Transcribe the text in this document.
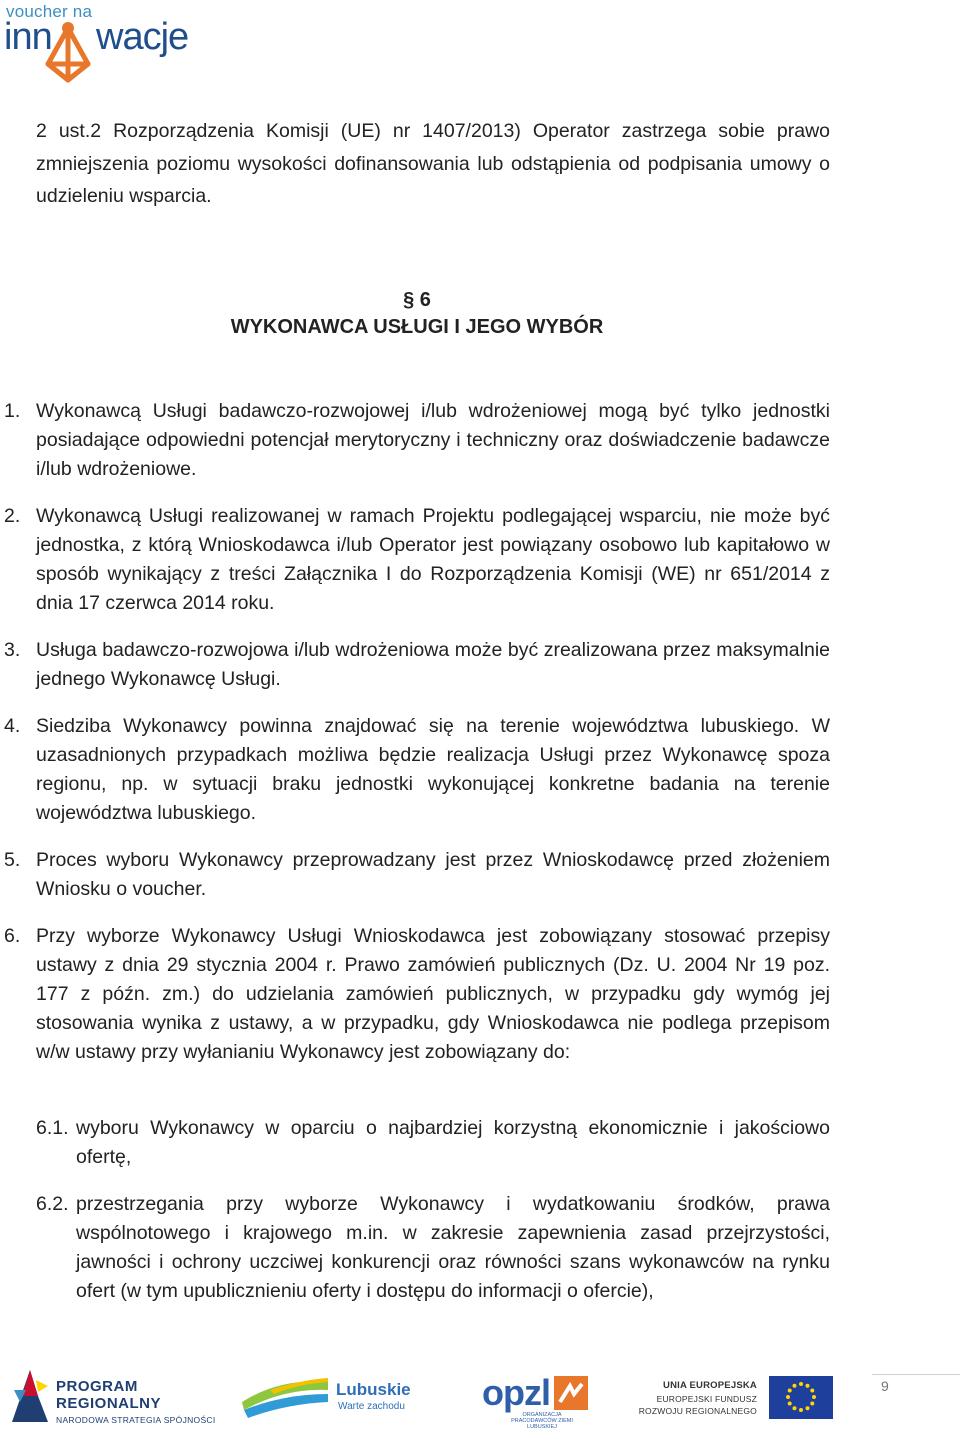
voucher na
inn wacje
2 ust.2 Rozporządzenia Komisji (UE) nr 1407/2013) Operator zastrzega sobie prawo zmniejszenia poziomu wysokości dofinansowania lub odstąpienia od podpisania umowy o udzieleniu wsparcia.
§ 6
WYKONAWCA USŁUGI I JEGO WYBÓR
1. Wykonawcą Usługi badawczo-rozwojowej i/lub wdrożeniowej mogą być tylko jednostki posiadające odpowiedni potencjał merytoryczny i techniczny oraz doświadczenie badawcze i/lub wdrożeniowe.
2. Wykonawcą Usługi realizowanej w ramach Projektu podlegającej wsparciu, nie może być jednostka, z którą Wnioskodawca i/lub Operator jest powiązany osobowo lub kapitałowo w sposób wynikający z treści Załącznika I do Rozporządzenia Komisji (WE) nr 651/2014 z dnia 17 czerwca 2014 roku.
3. Usługa badawczo-rozwojowa i/lub wdrożeniowa może być zrealizowana przez maksymalnie jednego Wykonawcę Usługi.
4. Siedziba Wykonawcy powinna znajdować się na terenie województwa lubuskiego. W uzasadnionych przypadkach możliwa będzie realizacja Usługi przez Wykonawcę spoza regionu, np. w sytuacji braku jednostki wykonującej konkretne badania na terenie województwa lubuskiego.
5. Proces wyboru Wykonawcy przeprowadzany jest przez Wnioskodawcę przed złożeniem Wniosku o voucher.
6. Przy wyborze Wykonawcy Usługi Wnioskodawca jest zobowiązany stosować przepisy ustawy z dnia 29 stycznia 2004 r. Prawo zamówień publicznych (Dz. U. 2004 Nr 19 poz. 177 z późn. zm.) do udzielania zamówień publicznych, w przypadku gdy wymóg jej stosowania wynika z ustawy, a w przypadku, gdy Wnioskodawca nie podlega przepisom w/w ustawy przy wyłanianiu Wykonawcy jest zobowiązany do:
6.1. wyboru Wykonawcy w oparciu o najbardziej korzystną ekonomicznie i jakościowo ofertę,
6.2. przestrzegania przy wyborze Wykonawcy i wydatkowaniu środków, prawa wspólnotowego i krajowego m.in. w zakresie zapewnienia zasad przejrzystości, jawności i ochrony uczciwej konkurencji oraz równości szans wykonawców na rynku ofert (w tym upublicznieniu oferty i dostępu do informacji o ofercie),
PROGRAM
REGIONALNY
NARODOWA STRATEGIA SPÓJNOŚCI
Lubuskie
Warte zachodu opzl
ORGANIZACJA PRACODAWCÓW ZIEMI LUBUSKIEJ
UNIA EUROPEJSKA
EUROPEJSKI FUNDUSZ
ROZWOJU REGIONALNEGO
9
